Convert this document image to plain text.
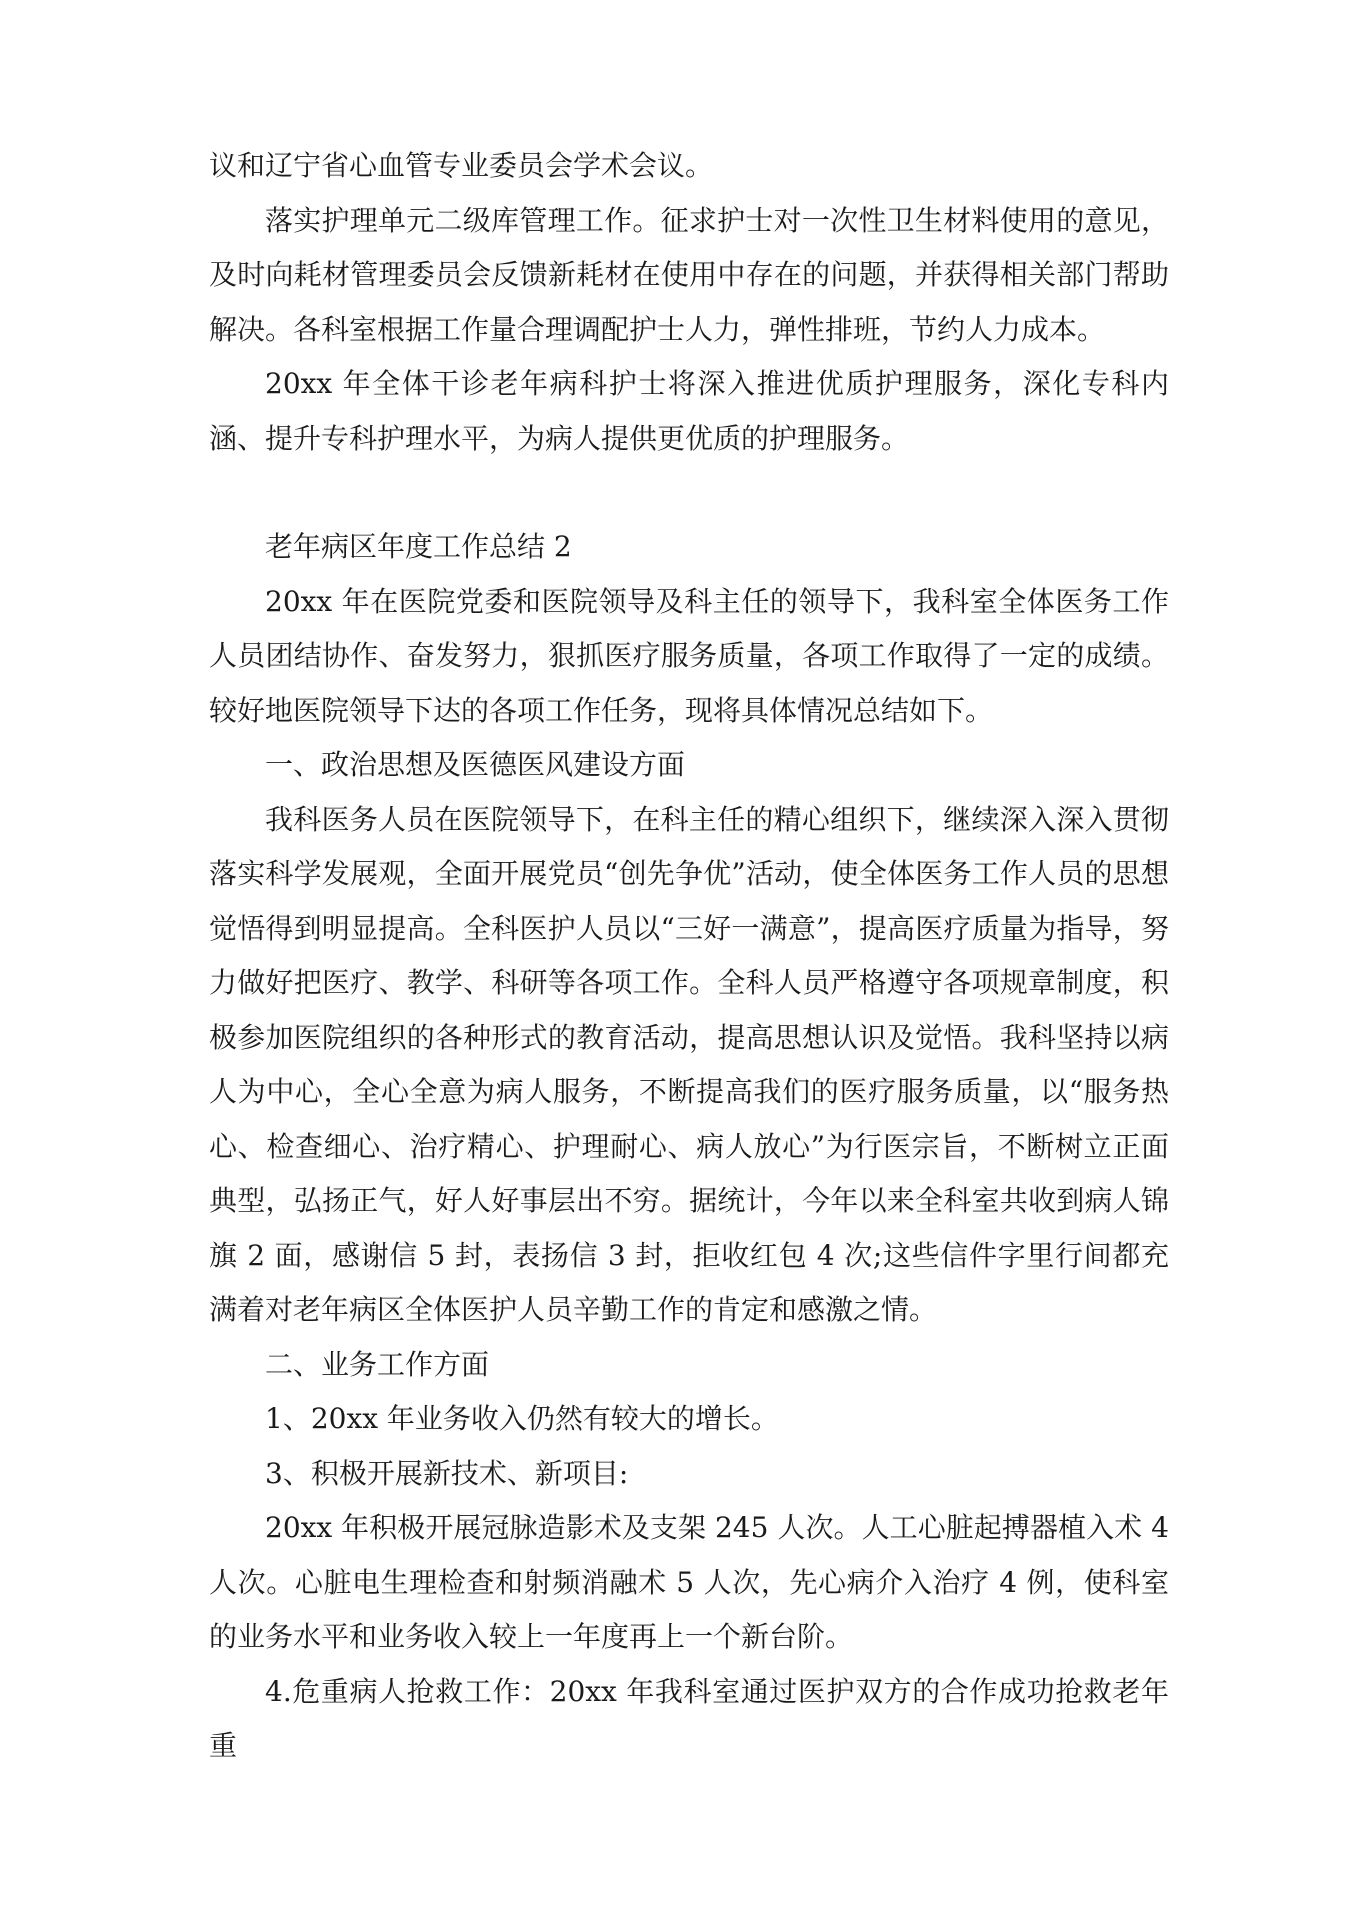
议和辽宁省心血管专业委员会学术会议。

落实护理单元二级库管理工作。征求护士对一次性卫生材料使用的意见，及时向耗材管理委员会反馈新耗材在使用中存在的问题，并获得相关部门帮助解决。各科室根据工作量合理调配护士人力，弹性排班，节约人力成本。

20xx 年全体干诊老年病科护士将深入推进优质护理服务，深化专科内涵、提升专科护理水平，为病人提供更优质的护理服务。

老年病区年度工作总结 2

20xx 年在医院党委和医院领导及科主任的领导下，我科室全体医务工作人员团结协作、奋发努力，狠抓医疗服务质量，各项工作取得了一定的成绩。较好地医院领导下达的各项工作任务，现将具体情况总结如下。

一、政治思想及医德医风建设方面

我科医务人员在医院领导下，在科主任的精心组织下，继续深入深入贯彻落实科学发展观，全面开展党员“创先争优”活动，使全体医务工作人员的思想觉悟得到明显提高。全科医护人员以“三好一满意”，提高医疗质量为指导，努力做好把医疗、教学、科研等各项工作。全科人员严格遵守各项规章制度，积极参加医院组织的各种形式的教育活动，提高思想认识及觉悟。我科坚持以病人为中心，全心全意为病人服务，不断提高我们的医疗服务质量，以“服务热心、检查细心、治疗精心、护理耐心、病人放心”为行医宗旨，不断树立正面典型，弘扬正气，好人好事层出不穷。据统计，今年以来全科室共收到病人锦旗 2 面，感谢信 5 封，表扬信 3 封，拒收红包 4 次;这些信件字里行间都充满着对老年病区全体医护人员辛勤工作的肯定和感激之情。

二、业务工作方面

1、20xx 年业务收入仍然有较大的增长。

3、积极开展新技术、新项目:

20xx 年积极开展冠脉造影术及支架 245 人次。人工心脏起搏器植入术 4 人次。心脏电生理检查和射频消融术 5 人次，先心病介入治疗 4 例，使科室的业务水平和业务收入较上一年度再上一个新台阶。

4.危重病人抢救工作：20xx 年我科室通过医护双方的合作成功抢救老年重
